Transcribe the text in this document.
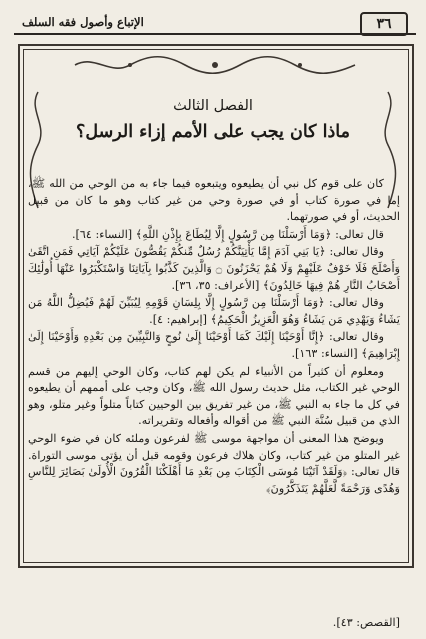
الإتباع وأصول فقه السلف	٣٦
الفصل الثالث
ماذا كان يجب على الأمم إزاء الرسل؟

كان على قوم كل نبي أن يطيعوه ويتبعوه فيما جاء به من الوحي من الله ﷺ، إما في صورة كتاب أو في صورة وحي من غير كتاب وهو ما كان من قبيل الحديث، أو في صورتهما.

قال تعالى: ﴿وَمَا أَرْسَلْنَا مِن رَّسُولٍ إِلَّا لِيُطَاعَ بِإِذْنِ اللَّهِ﴾ [النساء: ٦٤].

وقال تعالى: ﴿يَا بَنِي آدَمَ إِمَّا يَأْتِيَنَّكُمْ رُسُلٌ مِّنكُمْ يَقُصُّونَ عَلَيْكُمْ آيَاتِي فَمَنِ اتَّقَىٰ وَأَصْلَحَ فَلَا خَوْفٌ عَلَيْهِمْ وَلَا هُمْ يَحْزَنُونَ ۝ وَالَّذِينَ كَذَّبُوا بِآيَاتِنَا وَاسْتَكْبَرُوا عَنْهَا أُولَٰئِكَ أَصْحَابُ النَّارِ هُمْ فِيهَا خَالِدُونَ﴾ [الأعراف: ٣٥، ٣٦].

وقال تعالى: ﴿وَمَا أَرْسَلْنَا مِن رَّسُولٍ إِلَّا بِلِسَانِ قَوْمِهِ لِيُبَيِّنَ لَهُمْ فَيُضِلُّ اللَّهُ مَن يَشَاءُ وَيَهْدِي مَن يَشَاءُ وَهُوَ الْعَزِيزُ الْحَكِيمُ﴾ [إبراهيم: ٤].

وقال تعالى: ﴿إِنَّا أَوْحَيْنَا إِلَيْكَ كَمَا أَوْحَيْنَا إِلَىٰ نُوحٍ وَالنَّبِيِّينَ مِن بَعْدِهِ وَأَوْحَيْنَا إِلَىٰ إِبْرَاهِيمَ﴾ [النساء: ١٦٣].

ومعلوم أن كثيراً من الأنبياء لم يكن لهم كتاب، وكان الوحي إليهم من قسم الوحي غير الكتاب، مثل حديث رسول الله ﷺ، وكان وجب على أممهم أن يطيعوه في كل ما جاء به النبي ﷺ، من غير تفريق بين الوحيين كتاباً متلواً وغير متلو، وهو الذي من قبيل سُنَّة النبي ﷺ من أقواله وأفعاله وتقريراته.

ويوضح هذا المعنى أن مواجهة موسى ﷺ لفرعون وملئه كان في ضوء الوحي غير المتلو من غير كتاب، وكان هلاك فرعون وقومه قبل أن يؤتى موسى التوراة. قال تعالى: ﴿وَلَقَدْ آتَيْنَا مُوسَى الْكِتَابَ مِن بَعْدِ مَا أَهْلَكْنَا الْقُرُونَ الْأُولَىٰ بَصَائِرَ لِلنَّاسِ وَهُدًى وَرَحْمَةً لَّعَلَّهُمْ يَتَذَكَّرُونَ﴾

[القصص: ٤٣].
